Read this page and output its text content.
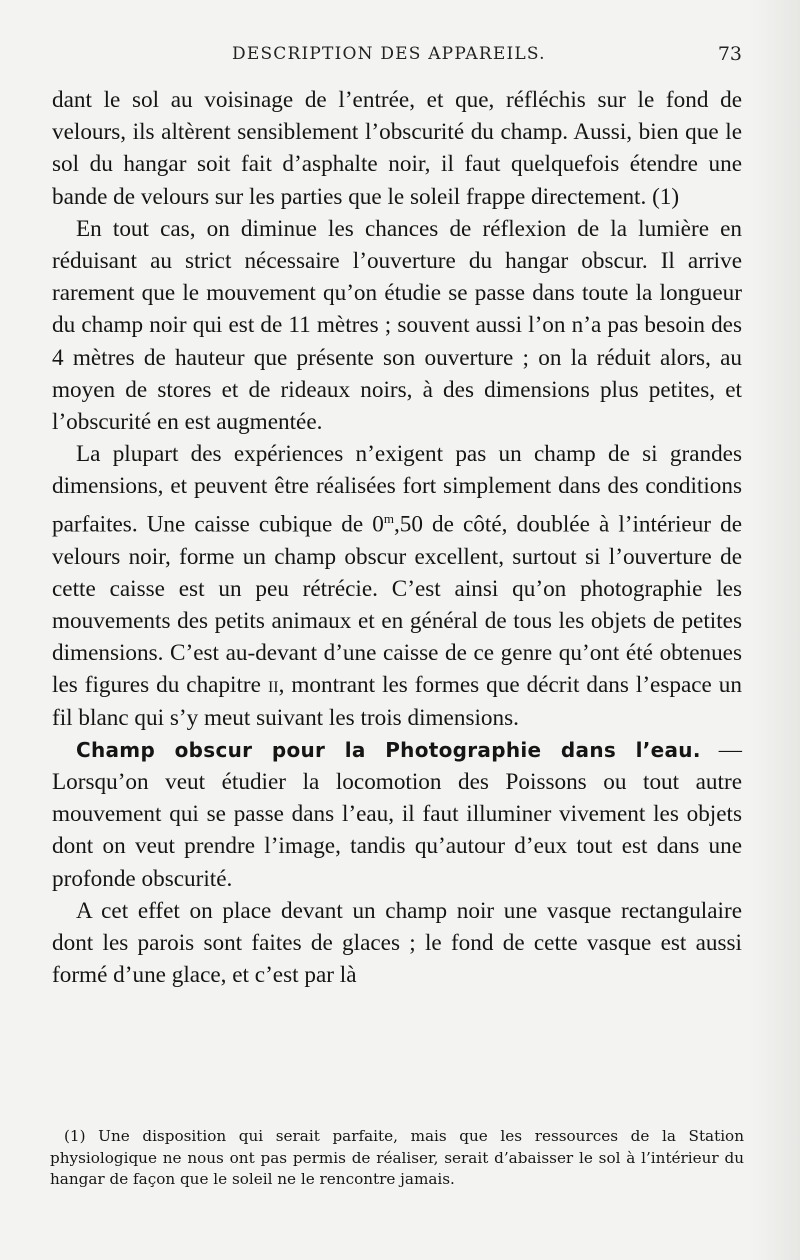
DESCRIPTION DES APPAREILS.	73

dant le sol au voisinage de l’entrée, et que, réfléchis sur le fond de velours, ils altèrent sensiblement l’obscurité du champ. Aussi, bien que le sol du hangar soit fait d’asphalte noir, il faut quelquefois étendre une bande de velours sur les parties que le soleil frappe directement. (1)

En tout cas, on diminue les chances de réflexion de la lumière en réduisant au strict nécessaire l’ouverture du hangar obscur. Il arrive rarement que le mouvement qu’on étudie se passe dans toute la longueur du champ noir qui est de 11 mètres ; souvent aussi l’on n’a pas besoin des 4 mètres de hauteur que présente son ouverture ; on la réduit alors, au moyen de stores et de rideaux noirs, à des dimensions plus petites, et l’obscurité en est augmentée.

La plupart des expériences n’exigent pas un champ de si grandes dimensions, et peuvent être réalisées fort simplement dans des conditions parfaites. Une caisse cubique de 0$^m$,50 de côté, doublée à l’intérieur de velours noir, forme un champ obscur excellent, surtout si l’ouverture de cette caisse est un peu rétrécie. C’est ainsi qu’on photographie les mouvements des petits animaux et en général de tous les objets de petites dimensions. C’est au-devant d’une caisse de ce genre qu’ont été obtenues les figures du chapitre ii, montrant les formes que décrit dans l’espace un fil blanc qui s’y meut suivant les trois dimensions.

Champ obscur pour la Photographie dans l’eau. — Lorsqu’on veut étudier la locomotion des Poissons ou tout autre mouvement qui se passe dans l’eau, il faut illuminer vivement les objets dont on veut prendre l’image, tandis qu’autour d’eux tout est dans une profonde obscurité.

A cet effet on place devant un champ noir une vasque rectangulaire dont les parois sont faites de glaces ; le fond de cette vasque est aussi formé d’une glace, et c’est par là

(1) Une disposition qui serait parfaite, mais que les ressources de la Station physiologique ne nous ont pas permis de réaliser, serait d’abaisser le sol à l’intérieur du hangar de façon que le soleil ne le rencontre jamais.
